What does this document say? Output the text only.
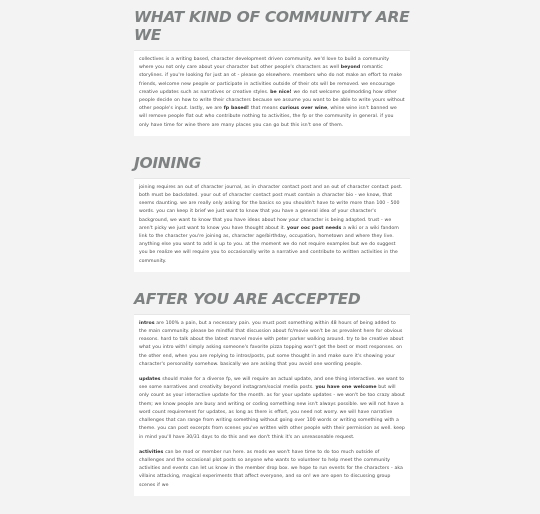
WHAT KIND OF COMMUNITY ARE WE

collectives is a writing based, character development driven community. we'd love to build a community where you not only care about your character but other people's characters as well beyond romantic storylines. if you're looking for just an ot - please go elsewhere. members who do not make an effort to make friends, welcome new people or participate in activities outside of their ots will be removed. we encourage creative updates such as narratives or creative styles. be nice! we do not welcome godmodding how other people decide on how to write their characters because we assume you want to be able to write yours without other people's input. lastly, we are fp based! that means curious over wine, whine wine isn't banned we will remove people flat out who contribute nothing to activities, the fp or the community in general. if you only have time for wine there are many places you can go but this isn't one of them.

JOINING

joining requires an out of character journal, as in character contact post and an out of character contact post. both must be backdated. your out of character contact post must contain a character bio - we know, that seems daunting. we are really only asking for the basics so you shouldn't have to write more than 100 - 500 words. you can keep it brief we just want to know that you have a general idea of your character's background, we want to know that you have ideas about how your character is being adapted. trust - we aren't picky we just want to know you have thought about it. your ooc post needs a wiki or a wiki fandom link to the character you're joining as, character age/birthday, occupation, hometown and where they live. anything else you want to add is up to you. at the moment we do not require examples but we do suggest you be realize we will require you to occasionally write a narrative and contribute to written activities in the community.

AFTER YOU ARE ACCEPTED

intros are 100% a pain, but a necessary pain. you must post something within 48 hours of being added to the main community. please be mindful that discussion about fc/movie won't be as prevalent here for obvious reasons. hard to talk about the latest marvel movie with peter parker walking around. try to be creative about what you intro with! simply asking someone's favorite pizza topping won't get the best or most responses. on the other end, when you are replying to intros/posts, put some thought in and make sure it's showing your character's personality somehow. basically we are asking that you avoid one wording people.

updates should make for a diverse fp, we will require an actual update, and one thing interactive. we want to see some narratives and creativity beyond instagram/social media posts. you have one welcome but will only count as your interactive update for the month. as for your update updates - we won't be too crazy about them; we know people are busy and writing or coding something new isn't always possible. we will not have a word count requirement for updates, as long as there is effort, you need not worry. we will have narrative challenges that can range from writing something without going over 100 words or writing something with a theme. you can post excerpts from scenes you've written with other people with their permission as well. keep in mind you'll have 30/31 days to do this and we don't think it's an unreasonable request.

activities can be mod or member run here. as mods we won't have time to do too much outside of challenges and the occasional plot posts so anyone who wants to volunteer to help meet the community activities and events can let us know in the member drop box. we hope to run events for the characters - aka villains attacking, magical experiments that affect everyone, and so on! we are open to discussing group scenes if we
